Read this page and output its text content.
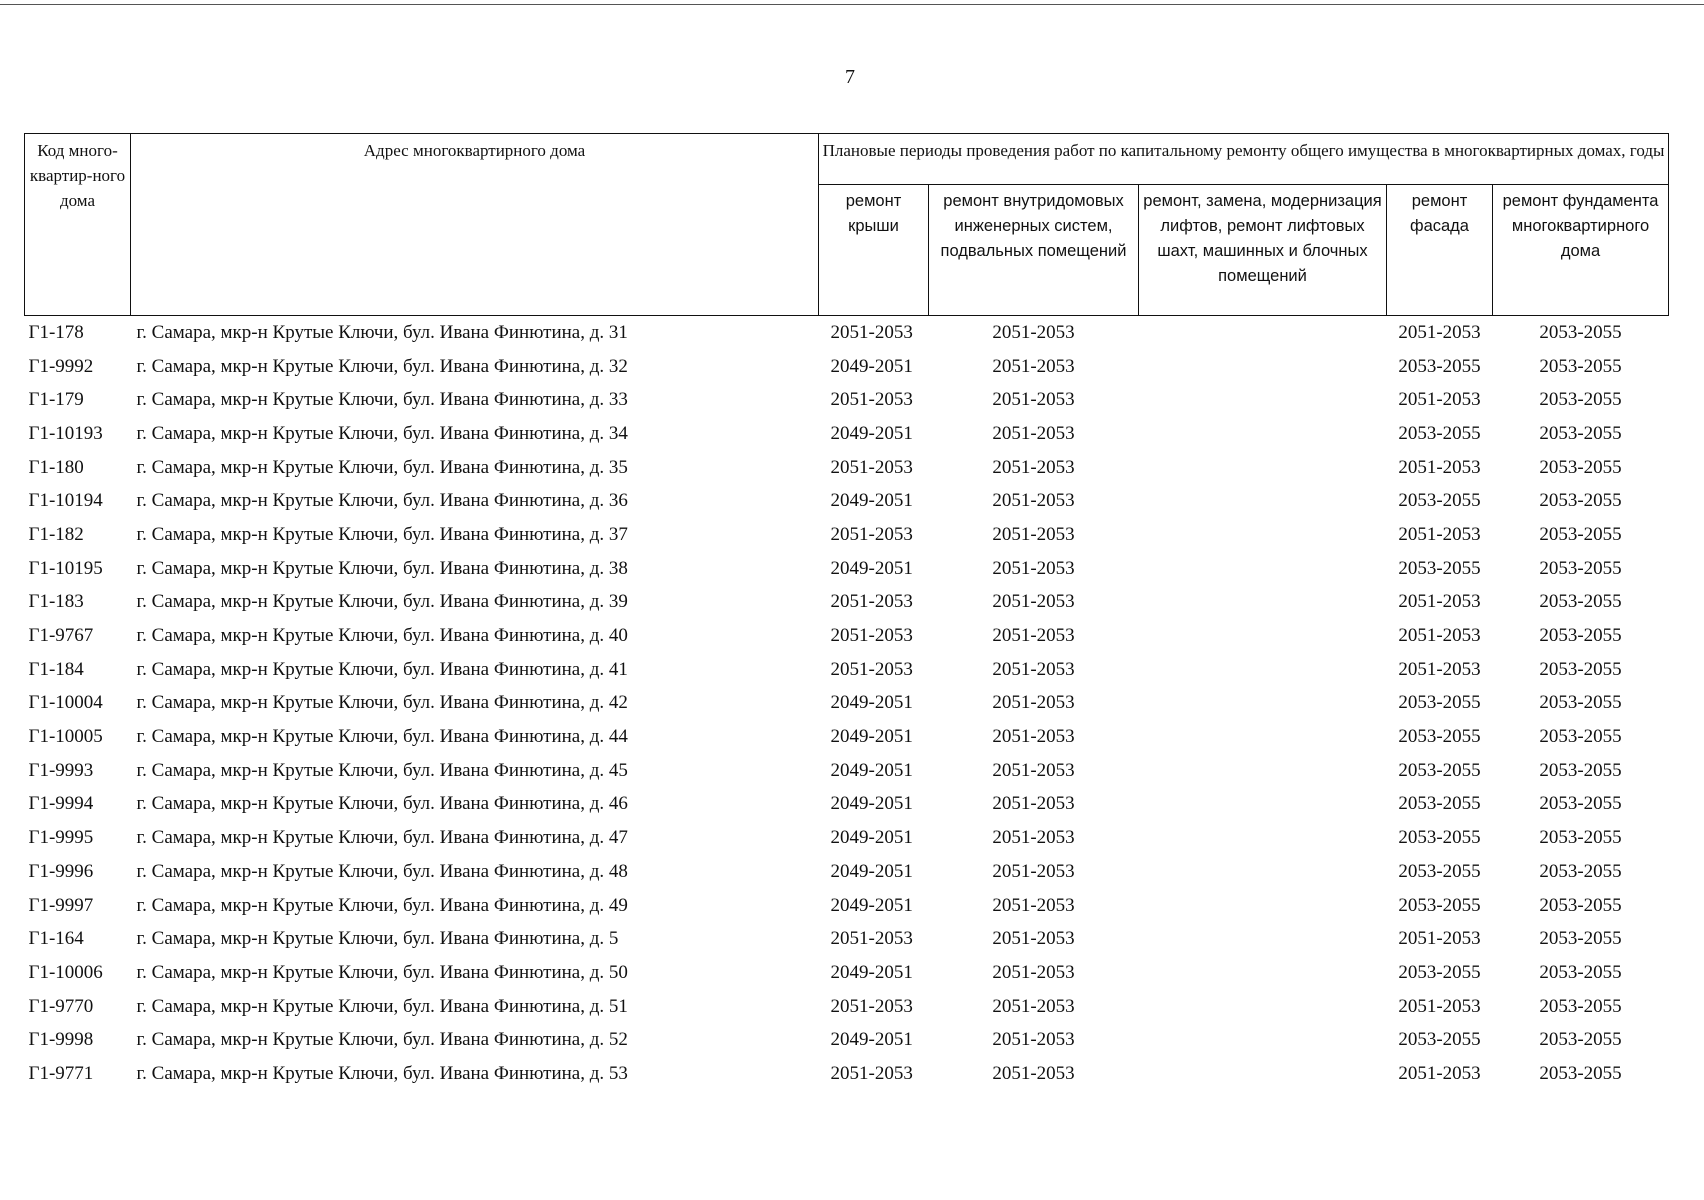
7
Код много-квартир-ного дома	Адрес многоквартирного дома	Плановые периоды проведения работ по капитальному ремонту общего имущества в многоквартирных домах, годы				
		ремонт крыши	ремонт внутридомовых инженерных систем, подвальных помещений	ремонт, замена, модернизация лифтов, ремонт лифтовых шахт, машинных и блочных помещений	ремонт фасада	ремонт фундамента многоквартирного дома
Г1-178	г. Самара, мкр-н Крутые Ключи, бул. Ивана Финютина, д. 31	2051-2053	2051-2053		2051-2053	2053-2055
Г1-9992	г. Самара, мкр-н Крутые Ключи, бул. Ивана Финютина, д. 32	2049-2051	2051-2053		2053-2055	2053-2055
Г1-179	г. Самара, мкр-н Крутые Ключи, бул. Ивана Финютина, д. 33	2051-2053	2051-2053		2051-2053	2053-2055
Г1-10193	г. Самара, мкр-н Крутые Ключи, бул. Ивана Финютина, д. 34	2049-2051	2051-2053		2053-2055	2053-2055
Г1-180	г. Самара, мкр-н Крутые Ключи, бул. Ивана Финютина, д. 35	2051-2053	2051-2053		2051-2053	2053-2055
Г1-10194	г. Самара, мкр-н Крутые Ключи, бул. Ивана Финютина, д. 36	2049-2051	2051-2053		2053-2055	2053-2055
Г1-182	г. Самара, мкр-н Крутые Ключи, бул. Ивана Финютина, д. 37	2051-2053	2051-2053		2051-2053	2053-2055
Г1-10195	г. Самара, мкр-н Крутые Ключи, бул. Ивана Финютина, д. 38	2049-2051	2051-2053		2053-2055	2053-2055
Г1-183	г. Самара, мкр-н Крутые Ключи, бул. Ивана Финютина, д. 39	2051-2053	2051-2053		2051-2053	2053-2055
Г1-9767	г. Самара, мкр-н Крутые Ключи, бул. Ивана Финютина, д. 40	2051-2053	2051-2053		2051-2053	2053-2055
Г1-184	г. Самара, мкр-н Крутые Ключи, бул. Ивана Финютина, д. 41	2051-2053	2051-2053		2051-2053	2053-2055
Г1-10004	г. Самара, мкр-н Крутые Ключи, бул. Ивана Финютина, д. 42	2049-2051	2051-2053		2053-2055	2053-2055
Г1-10005	г. Самара, мкр-н Крутые Ключи, бул. Ивана Финютина, д. 44	2049-2051	2051-2053		2053-2055	2053-2055
Г1-9993	г. Самара, мкр-н Крутые Ключи, бул. Ивана Финютина, д. 45	2049-2051	2051-2053		2053-2055	2053-2055
Г1-9994	г. Самара, мкр-н Крутые Ключи, бул. Ивана Финютина, д. 46	2049-2051	2051-2053		2053-2055	2053-2055
Г1-9995	г. Самара, мкр-н Крутые Ключи, бул. Ивана Финютина, д. 47	2049-2051	2051-2053		2053-2055	2053-2055
Г1-9996	г. Самара, мкр-н Крутые Ключи, бул. Ивана Финютина, д. 48	2049-2051	2051-2053		2053-2055	2053-2055
Г1-9997	г. Самара, мкр-н Крутые Ключи, бул. Ивана Финютина, д. 49	2049-2051	2051-2053		2053-2055	2053-2055
Г1-164	г. Самара, мкр-н Крутые Ключи, бул. Ивана Финютина, д. 5	2051-2053	2051-2053		2051-2053	2053-2055
Г1-10006	г. Самара, мкр-н Крутые Ключи, бул. Ивана Финютина, д. 50	2049-2051	2051-2053		2053-2055	2053-2055
Г1-9770	г. Самара, мкр-н Крутые Ключи, бул. Ивана Финютина, д. 51	2051-2053	2051-2053		2051-2053	2053-2055
Г1-9998	г. Самара, мкр-н Крутые Ключи, бул. Ивана Финютина, д. 52	2049-2051	2051-2053		2053-2055	2053-2055
Г1-9771	г. Самара, мкр-н Крутые Ключи, бул. Ивана Финютина, д. 53	2051-2053	2051-2053		2051-2053	2053-2055
